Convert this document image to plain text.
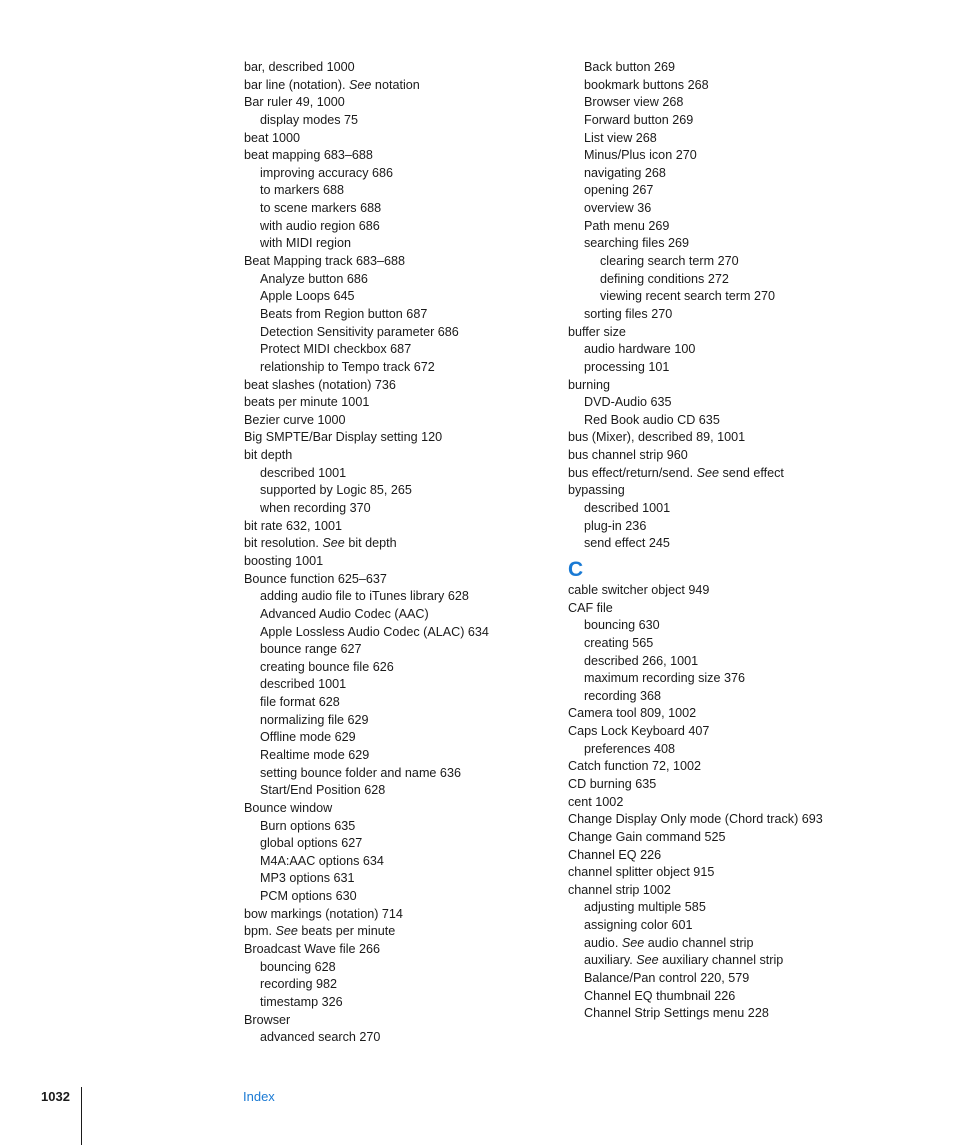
bar, described 1000
bar line (notation). See notation
Bar ruler 49, 1000
display modes 75
beat 1000
beat mapping 683–688
improving accuracy 686
to markers 688
to scene markers 688
with audio region 686
with MIDI region
Beat Mapping track 683–688
Analyze button 686
Apple Loops 645
Beats from Region button 687
Detection Sensitivity parameter 686
Protect MIDI checkbox 687
relationship to Tempo track 672
beat slashes (notation) 736
beats per minute 1001
Bezier curve 1000
Big SMPTE/Bar Display setting 120
bit depth
described 1001
supported by Logic 85, 265
when recording 370
bit rate 632, 1001
bit resolution. See bit depth
boosting 1001
Bounce function 625–637
adding audio file to iTunes library 628
Advanced Audio Codec (AAC)
Apple Lossless Audio Codec (ALAC) 634
bounce range 627
creating bounce file 626
described 1001
file format 628
normalizing file 629
Offline mode 629
Realtime mode 629
setting bounce folder and name 636
Start/End Position 628
Bounce window
Burn options 635
global options 627
M4A:AAC options 634
MP3 options 631
PCM options 630
bow markings (notation) 714
bpm. See beats per minute
Broadcast Wave file 266
bouncing 628
recording 982
timestamp 326
Browser
advanced search 270
Back button 269
bookmark buttons 268
Browser view 268
Forward button 269
List view 268
Minus/Plus icon 270
navigating 268
opening 267
overview 36
Path menu 269
searching files 269
clearing search term 270
defining conditions 272
viewing recent search term 270
sorting files 270
buffer size
audio hardware 100
processing 101
burning
DVD-Audio 635
Red Book audio CD 635
bus (Mixer), described 89, 1001
bus channel strip 960
bus effect/return/send. See send effect
bypassing
described 1001
plug-in 236
send effect 245
C
cable switcher object 949
CAF file
bouncing 630
creating 565
described 266, 1001
maximum recording size 376
recording 368
Camera tool 809, 1002
Caps Lock Keyboard 407
preferences 408
Catch function 72, 1002
CD burning 635
cent 1002
Change Display Only mode (Chord track) 693
Change Gain command 525
Channel EQ 226
channel splitter object 915
channel strip 1002
adjusting multiple 585
assigning color 601
audio. See audio channel strip
auxiliary. See auxiliary channel strip
Balance/Pan control 220, 579
Channel EQ thumbnail 226
Channel Strip Settings menu 228
1032	Index
